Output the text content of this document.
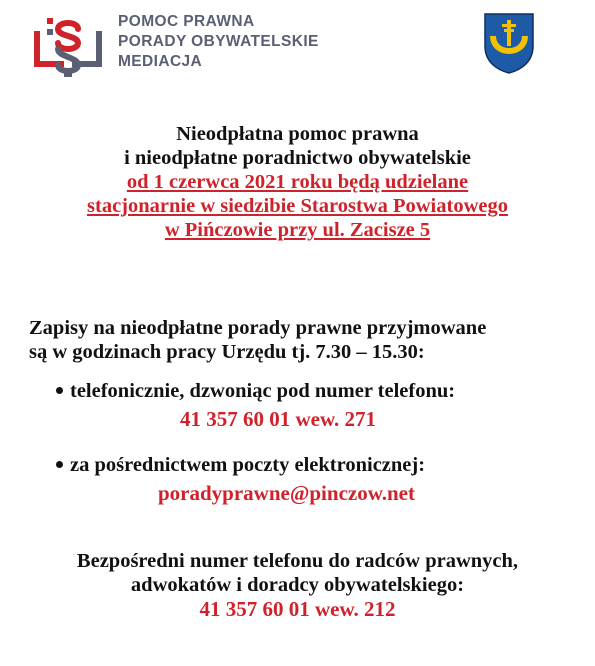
POMOC PRAWNA
PORADY OBYWATELSKIE
MEDIACJA
Nieodpłatna pomoc prawna
i nieodpłatne poradnictwo obywatelskie
od 1 czerwca 2021 roku będą udzielane
stacjonarnie w siedzibie Starostwa Powiatowego
w Pińczowie przy ul. Zacisze 5
Zapisy na nieodpłatne porady prawne przyjmowane
są w godzinach pracy Urzędu tj. 7.30 – 15.30:
telefonicznie, dzwoniąc pod numer telefonu:
41 357 60 01 wew. 271
za pośrednictwem poczty elektronicznej:
poradyprawne@pinczow.net
Bezpośredni numer telefonu do radców prawnych,
adwokatów i doradcy obywatelskiego:
41 357 60 01 wew. 212
